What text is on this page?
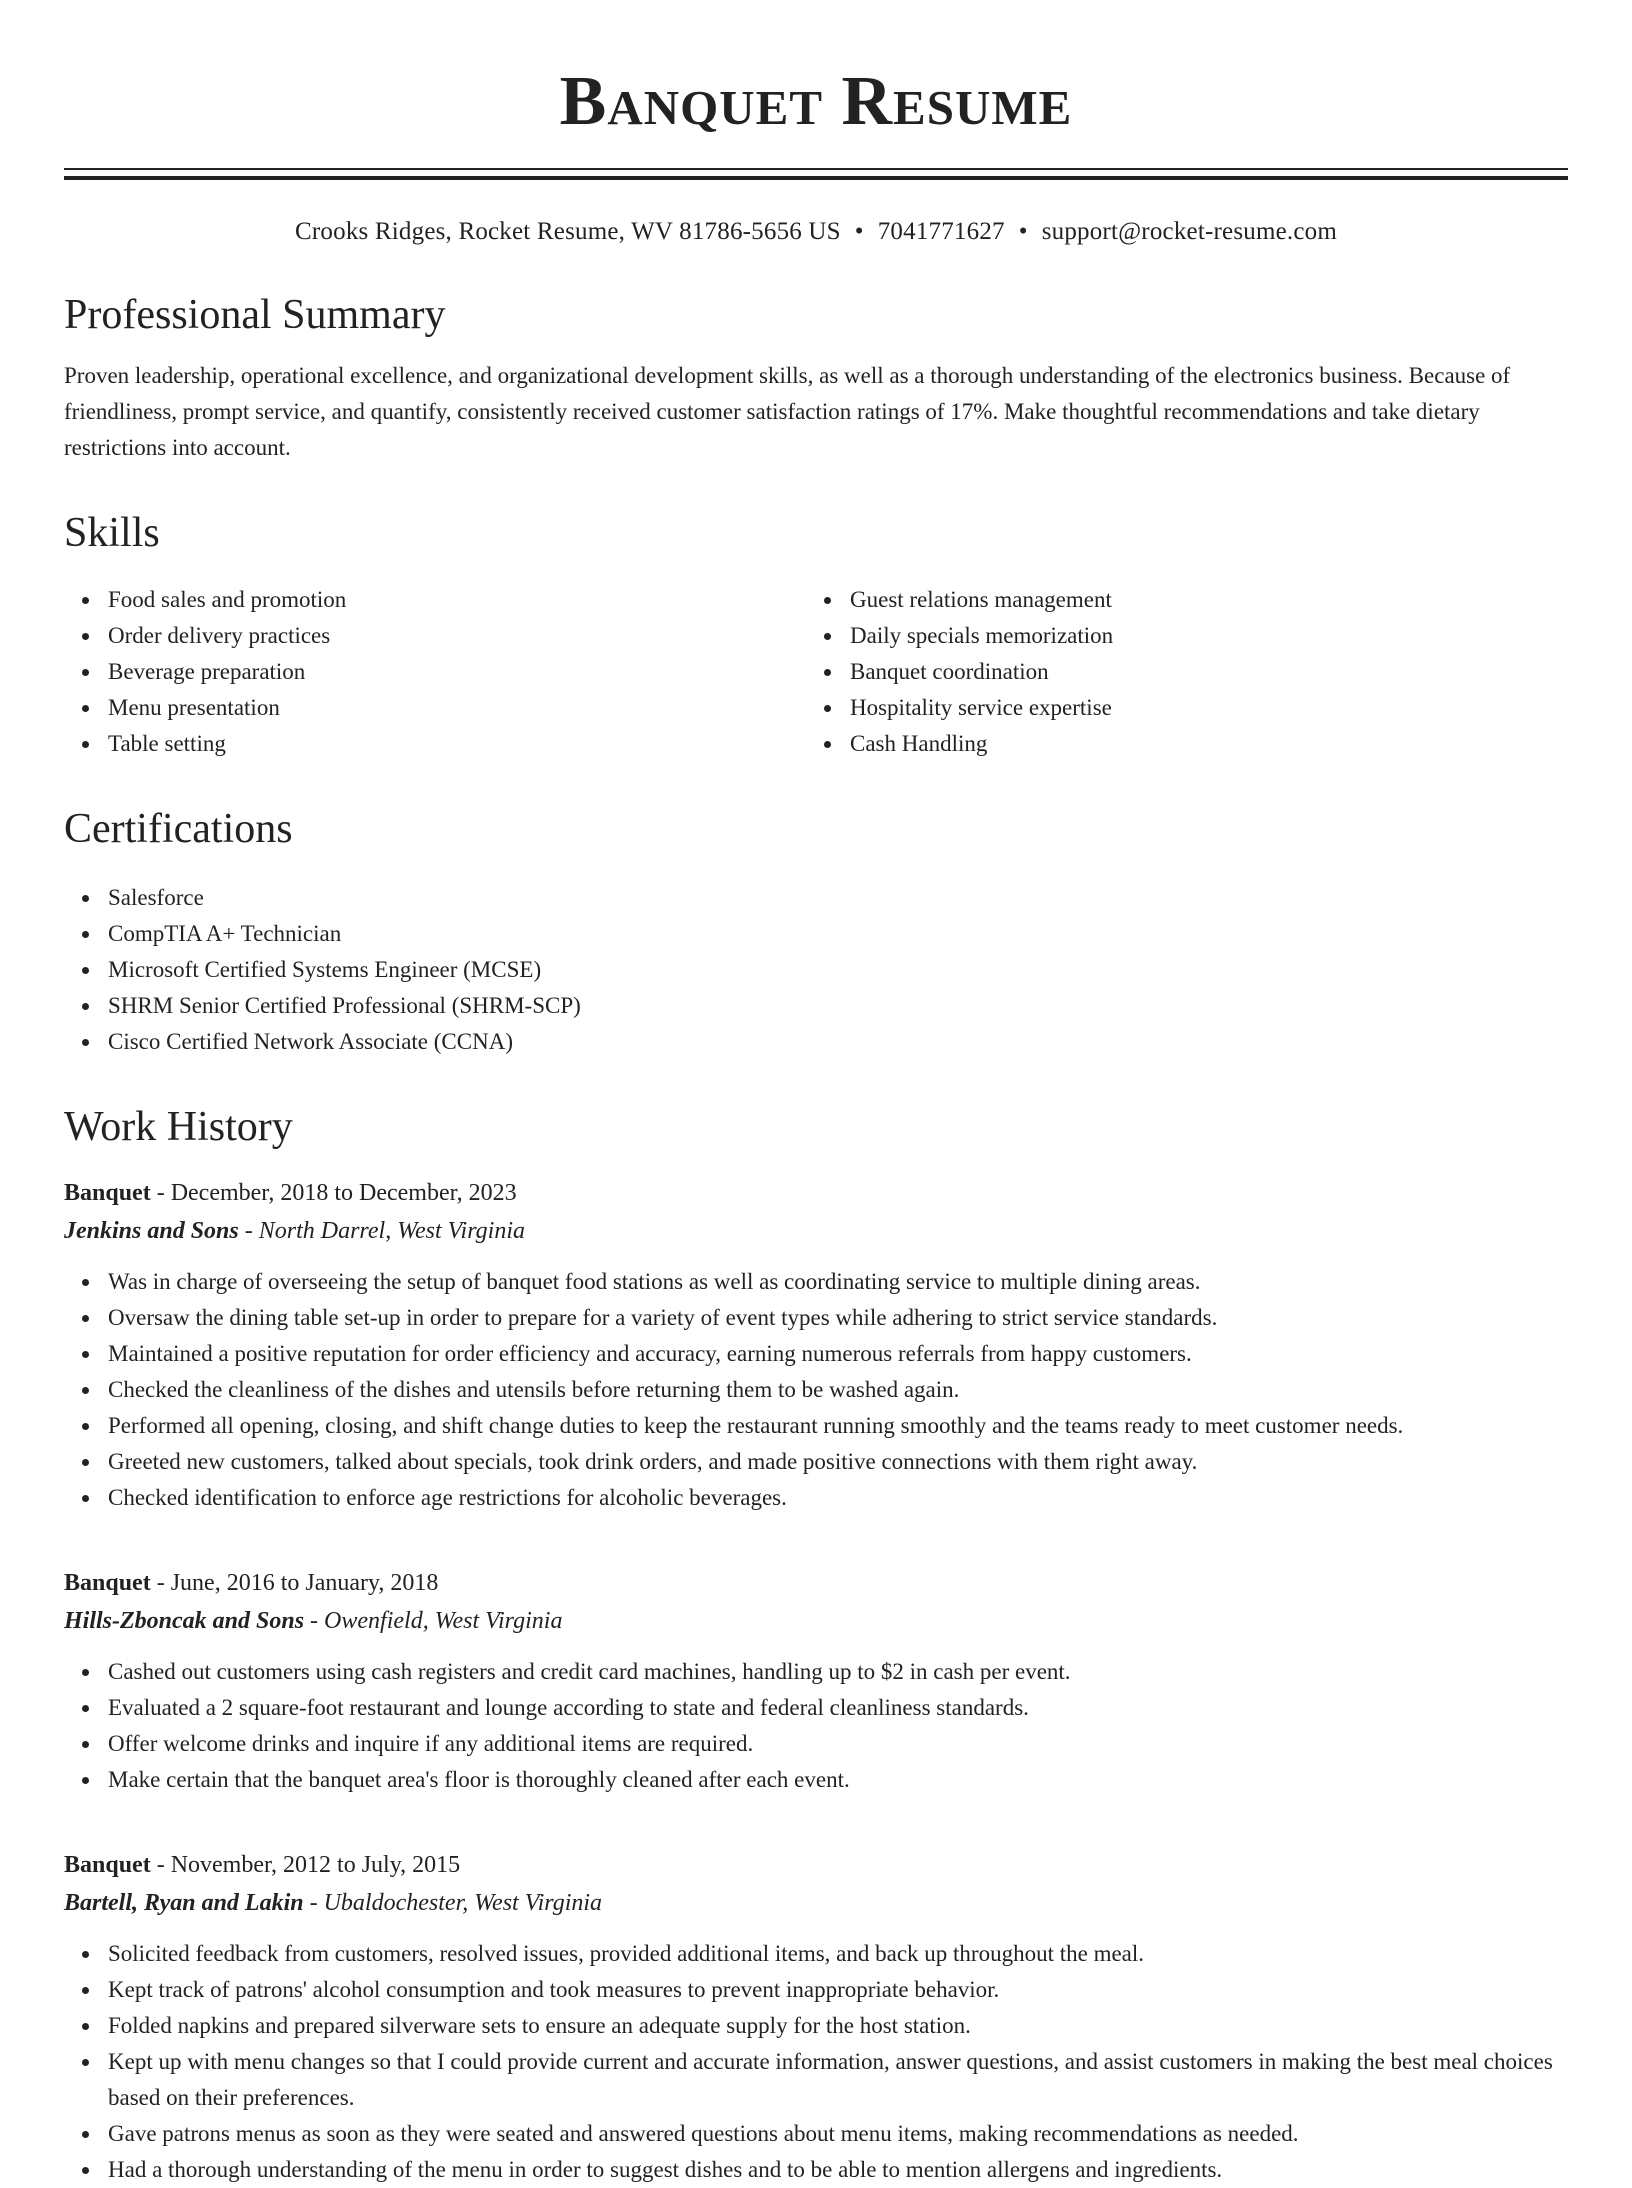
Banquet Resume
Crooks Ridges, Rocket Resume, WV 81786-5656 US • 7041771627 • support@rocket-resume.com
Professional Summary

Proven leadership, operational excellence, and organizational development skills, as well as a thorough understanding of the electronics business. Because of friendliness, prompt service, and quantify, consistently received customer satisfaction ratings of 17%. Make thoughtful recommendations and take dietary restrictions into account.

Skills
Food sales and promotion
Order delivery practices
Beverage preparation
Menu presentation
Table setting
Guest relations management
Daily specials memorization
Banquet coordination
Hospitality service expertise
Cash Handling
Certifications
Salesforce
CompTIA A+ Technician
Microsoft Certified Systems Engineer (MCSE)
SHRM Senior Certified Professional (SHRM-SCP)
Cisco Certified Network Associate (CCNA)
Work History
Banquet - December, 2018 to December, 2023
Jenkins and Sons - North Darrel, West Virginia
Was in charge of overseeing the setup of banquet food stations as well as coordinating service to multiple dining areas.
Oversaw the dining table set-up in order to prepare for a variety of event types while adhering to strict service standards.
Maintained a positive reputation for order efficiency and accuracy, earning numerous referrals from happy customers.
Checked the cleanliness of the dishes and utensils before returning them to be washed again.
Performed all opening, closing, and shift change duties to keep the restaurant running smoothly and the teams ready to meet customer needs.
Greeted new customers, talked about specials, took drink orders, and made positive connections with them right away.
Checked identification to enforce age restrictions for alcoholic beverages.
Banquet - June, 2016 to January, 2018
Hills-Zboncak and Sons - Owenfield, West Virginia
Cashed out customers using cash registers and credit card machines, handling up to $2 in cash per event.
Evaluated a 2 square-foot restaurant and lounge according to state and federal cleanliness standards.
Offer welcome drinks and inquire if any additional items are required.
Make certain that the banquet area's floor is thoroughly cleaned after each event.
Banquet - November, 2012 to July, 2015
Bartell, Ryan and Lakin - Ubaldochester, West Virginia
Solicited feedback from customers, resolved issues, provided additional items, and back up throughout the meal.
Kept track of patrons' alcohol consumption and took measures to prevent inappropriate behavior.
Folded napkins and prepared silverware sets to ensure an adequate supply for the host station.
Kept up with menu changes so that I could provide current and accurate information, answer questions, and assist customers in making the best meal choices based on their preferences.
Gave patrons menus as soon as they were seated and answered questions about menu items, making recommendations as needed.
Had a thorough understanding of the menu in order to suggest dishes and to be able to mention allergens and ingredients.
